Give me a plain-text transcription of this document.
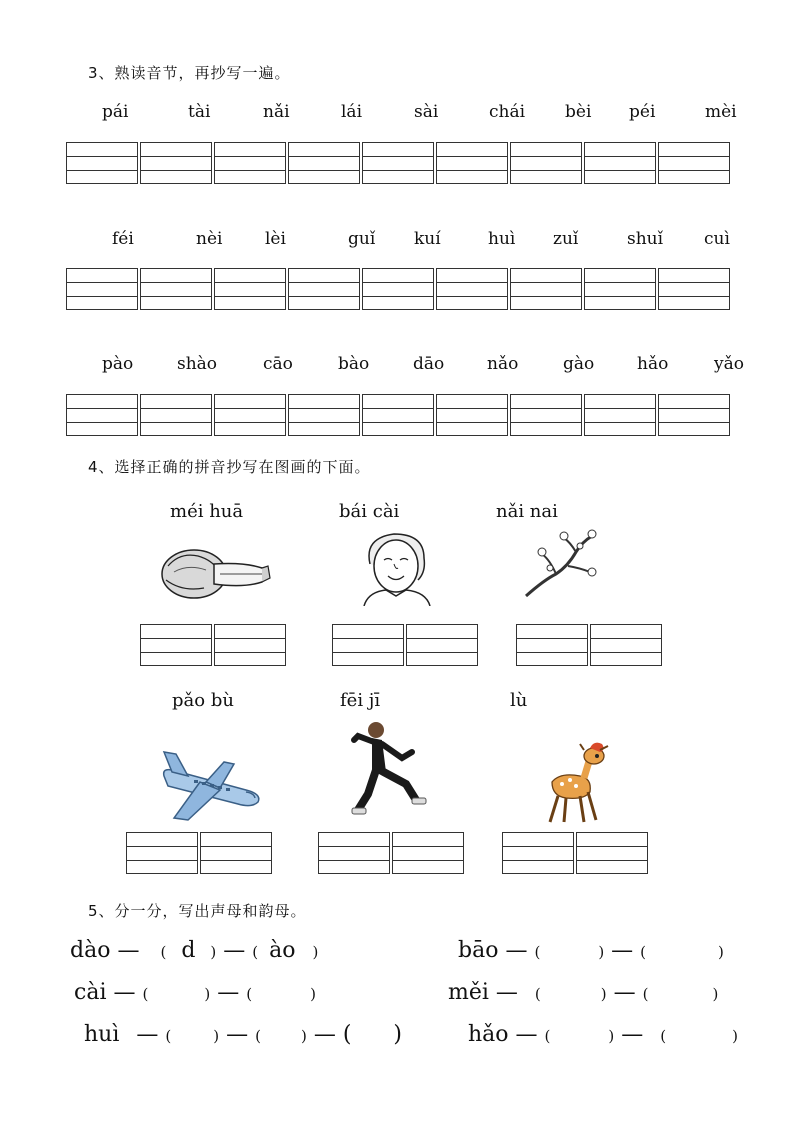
3、熟读音节，再抄写一遍。
pái	tài	nǎi	lái	sài	chái bèi péi	mèi
féi	nèi	lèi	guǐ kuí	huì zuǐ	shuǐ cuì
pào	shào	cāo	bào	dāo	nǎo	gào	hǎo	yǎo
4、选择正确的拼音抄写在图画的下面。
méi huā	bái cài	nǎi nai
pǎo bù	fēi jī	lù
5、分一分，写出声母和韵母。
dào — ( d ) — ( ào )	bāo — (	) — (	)
cài — (	) — (	)	měi — (	) — (	)
huì — (	) — (	) — ( )	hǎo — (	) — (	)
